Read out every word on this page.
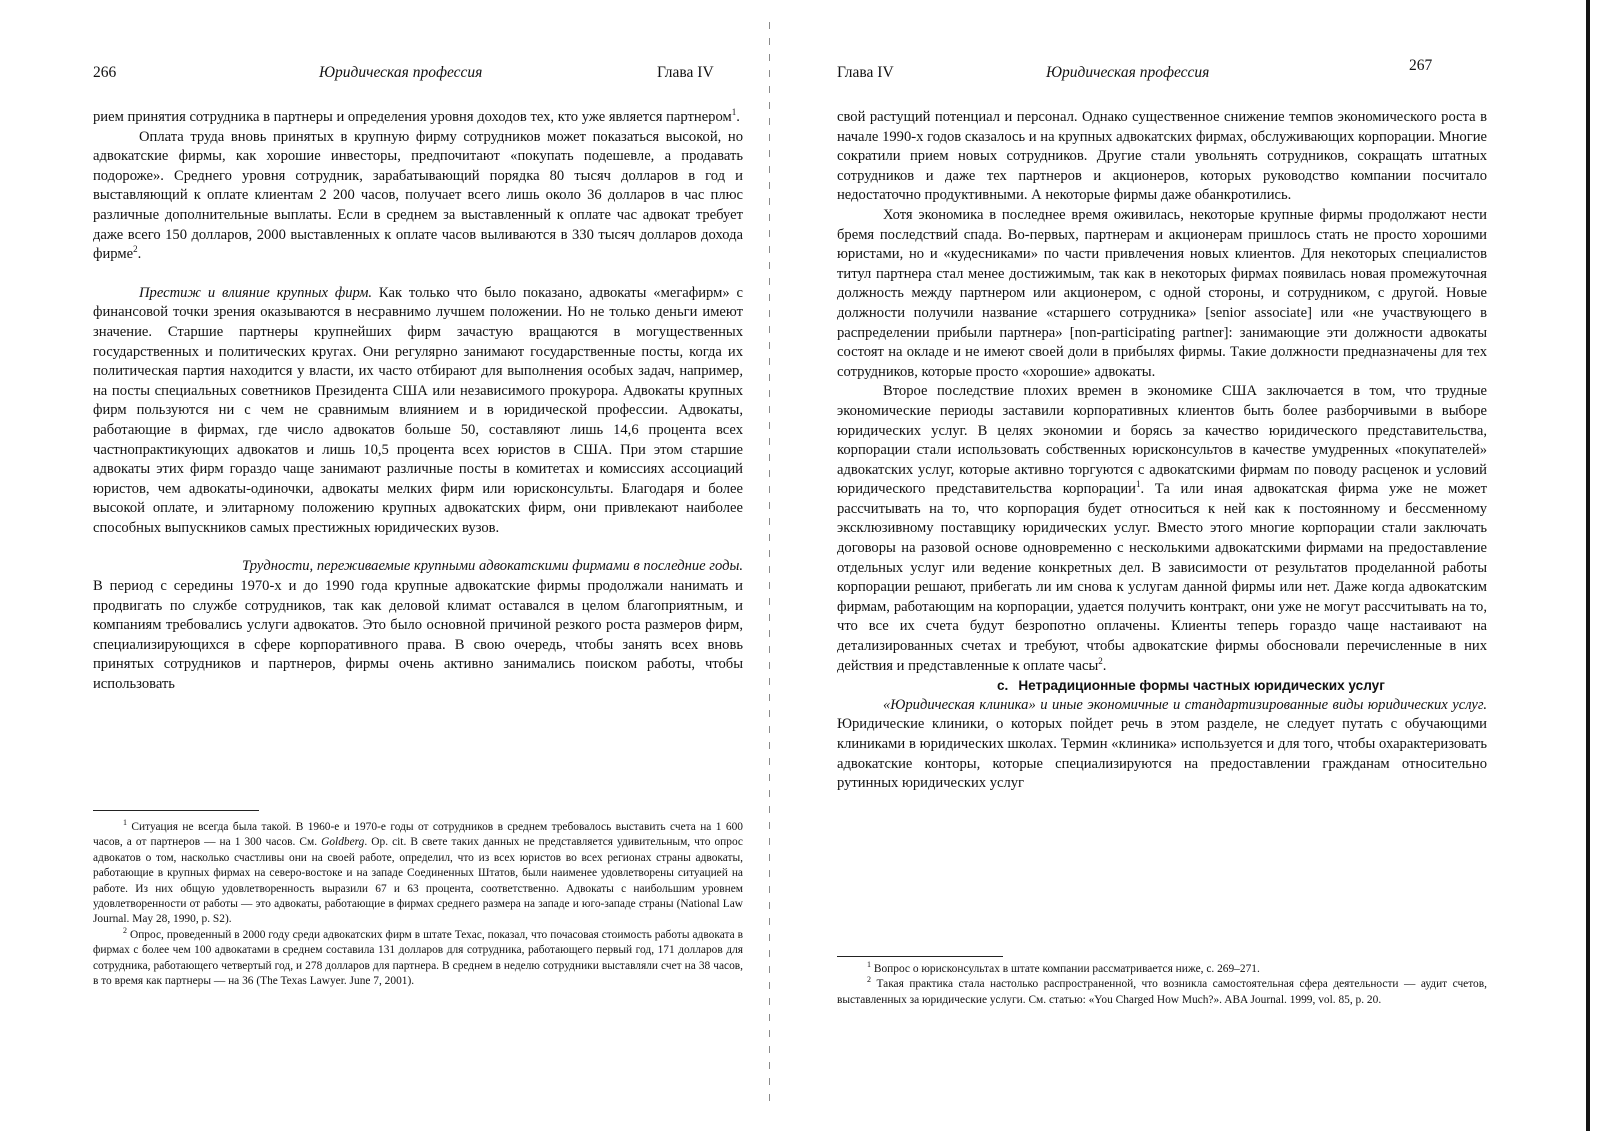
266	Юридическая профессия	Глава IV

рием принятия сотрудника в партнеры и определения уровня доходов тех, кто уже является партнером$^1$.

Оплата труда вновь принятых в крупную фирму сотрудников может показаться высокой, но адвокатские фирмы, как хорошие инвесторы, предпочитают «покупать подешевле, а продавать подороже». Среднего уровня сотрудник, зарабатывающий порядка 80 тысяч долларов в год и выставляющий к оплате клиентам 2 200 часов, получает всего лишь около 36 долларов в час плюс различные дополнительные выплаты. Если в среднем за выставленный к оплате час адвокат требует даже всего 150 долларов, 2000 выставленных к оплате часов выливаются в 330 тысяч долларов дохода фирме$^2$.

Престиж и влияние крупных фирм. Как только что было показано, адвокаты «мегафирм» с финансовой точки зрения оказываются в несравнимо лучшем положении. Но не только деньги имеют значение. Старшие партнеры крупнейших фирм зачастую вращаются в могущественных государственных и политических кругах. Они регулярно занимают государственные посты, когда их политическая партия находится у власти, их часто отбирают для выполнения особых задач, например, на посты специальных советников Президента США или независимого прокурора. Адвокаты крупных фирм пользуются ни с чем не сравнимым влиянием и в юридической профессии. Адвокаты, работающие в фирмах, где число адвокатов больше 50, составляют лишь 14,6 процента всех частнопрактикующих адвокатов и лишь 10,5 процента всех юристов в США. При этом старшие адвокаты этих фирм гораздо чаще занимают различные посты в комитетах и комиссиях ассоциаций юристов, чем адвокаты-одиночки, адвокаты мелких фирм или юрисконсульты. Благодаря и более высокой оплате, и элитарному положению крупных адвокатских фирм, они привлекают наиболее способных выпускников самых престижных юридических вузов.

Трудности, переживаемые крупными адвокатскими фирмами в последние годы.

В период с середины 1970-х и до 1990 года крупные адвокатские фирмы продолжали нанимать и продвигать по службе сотрудников, так как деловой климат оставался в целом благоприятным, и компаниям требовались услуги адвокатов. Это было основной причиной резкого роста размеров фирм, специализирующихся в сфере корпоративного права. В свою очередь, чтобы занять всех вновь принятых сотрудников и партнеров, фирмы очень активно занимались поиском работы, чтобы использовать

$^1$ Ситуация не всегда была такой. В 1960-е и 1970-е годы от сотрудников в среднем требовалось выставить счета на 1 600 часов, а от партнеров — на 1 300 часов. См. Goldberg. Op. cit. В свете таких данных не представляется удивительным, что опрос адвокатов о том, насколько счастливы они на своей работе, определил, что из всех юристов во всех регионах страны адвокаты, работающие в крупных фирмах на северо-востоке и на западе Соединенных Штатов, были наименее удовлетворены ситуацией на работе. Из них общую удовлетворенность выразили 67 и 63 процента, соответственно. Адвокаты с наибольшим уровнем удовлетворенности от работы — это адвокаты, работающие в фирмах среднего размера на западе и юго-западе страны (National Law Journal. May 28, 1990, p. S2).

$^2$ Опрос, проведенный в 2000 году среди адвокатских фирм в штате Техас, показал, что почасовая стоимость работы адвоката в фирмах с более чем 100 адвокатами в среднем составила 131 долларов для сотрудника, работающего первый год, 171 долларов для сотрудника, работающего четвертый год, и 278 долларов для партнера. В среднем в неделю сотрудники выставляли счет на 38 часов, в то время как партнеры — на 36 (The Texas Lawyer. June 7, 2001).

Глава IV	Юридическая профессия	267

свой растущий потенциал и персонал. Однако существенное снижение темпов экономического роста в начале 1990-х годов сказалось и на крупных адвокатских фирмах, обслуживающих корпорации. Многие сократили прием новых сотрудников. Другие стали увольнять сотрудников, сокращать штатных сотрудников и даже тех партнеров и акционеров, которых руководство компании посчитало недостаточно продуктивными. А некоторые фирмы даже обанкротились.

Хотя экономика в последнее время оживилась, некоторые крупные фирмы продолжают нести бремя последствий спада. Во-первых, партнерам и акционерам пришлось стать не просто хорошими юристами, но и «кудесниками» по части привлечения новых клиентов. Для некоторых специалистов титул партнера стал менее достижимым, так как в некоторых фирмах появилась новая промежуточная должность между партнером или акционером, с одной стороны, и сотрудником, с другой. Новые должности получили название «старшего сотрудника» [senior associate] или «не участвующего в распределении прибыли партнера» [non-participating partner]: занимающие эти должности адвокаты состоят на окладе и не имеют своей доли в прибылях фирмы. Такие должности предназначены для тех сотрудников, которые просто «хорошие» адвокаты.

Второе последствие плохих времен в экономике США заключается в том, что трудные экономические периоды заставили корпоративных клиентов быть более разборчивыми в выборе юридических услуг. В целях экономии и борясь за качество юридического представительства, корпорации стали использовать собственных юрисконсультов в качестве умудренных «покупателей» адвокатских услуг, которые активно торгуются с адвокатскими фирмам по поводу расценок и условий юридического представительства корпорации$^1$. Та или иная адвокатская фирма уже не может рассчитывать на то, что корпорация будет относиться к ней как к постоянному и бессменному эксклюзивному поставщику юридических услуг. Вместо этого многие корпорации стали заключать договоры на разовой основе одновременно с несколькими адвокатскими фирмами на предоставление отдельных услуг или ведение конкретных дел. В зависимости от результатов проделанной работы корпорации решают, прибегать ли им снова к услугам данной фирмы или нет. Даже когда адвокатским фирмам, работающим на корпорации, удается получить контракт, они уже не могут рассчитывать на то, что все их счета будут безропотно оплачены. Клиенты теперь гораздо чаще настаивают на детализированных счетах и требуют, чтобы адвокатские фирмы обосновали перечисленные в них действия и представленные к оплате часы$^2$.

с. Нетрадиционные формы частных юридических услуг

«Юридическая клиника» и иные экономичные и стандартизированные виды юридических услуг. Юридические клиники, о которых пойдет речь в этом разделе, не следует путать с обучающими клиниками в юридических школах. Термин «клиника» используется и для того, чтобы охарактеризовать адвокатские конторы, которые специализируются на предоставлении гражданам относительно рутинных юридических услуг

$^1$ Вопрос о юрисконсультах в штате компании рассматривается ниже, с. 269–271.

$^2$ Такая практика стала настолько распространенной, что возникла самостоятельная сфера деятельности — аудит счетов, выставленных за юридические услуги. См. статью: «You Charged How Much?». ABA Journal. 1999, vol. 85, p. 20.
